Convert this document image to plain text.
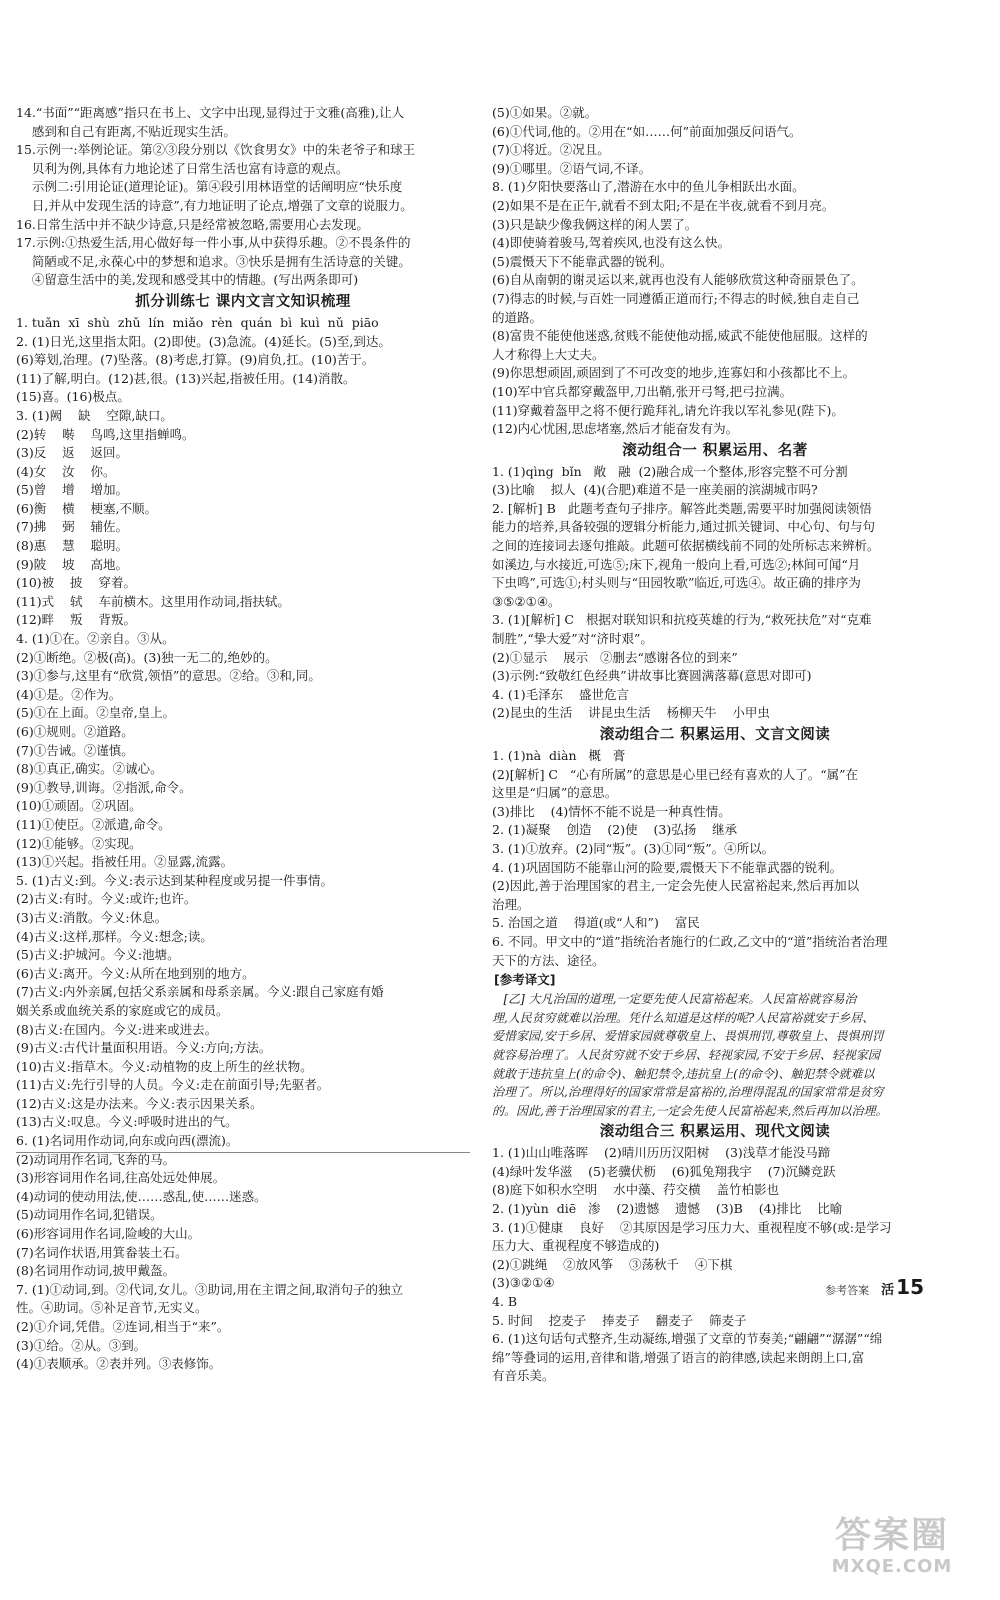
14.“书面”“距离感”指只在书上、文字中出现,显得过于文雅(高雅),让人
感到和自己有距离,不贴近现实生活。
15.示例一:举例论证。第②③段分别以《饮食男女》中的朱老爷子和球王
贝利为例,具体有力地论述了日常生活也富有诗意的观点。
示例二:引用论证(道理论证)。第④段引用林语堂的话阐明应“快乐度
日,并从中发现生活的诗意”,有力地证明了论点,增强了文章的说服力。
16.日常生活中并不缺少诗意,只是经常被忽略,需要用心去发现。
17.示例:①热爱生活,用心做好每一件小事,从中获得乐趣。②不畏条件的
简陋或不足,永葆心中的梦想和追求。③快乐是拥有生活诗意的关键。
④留意生活中的美,发现和感受其中的情趣。(写出两条即可)
抓分训练七 课内文言文知识梳理
1. tuǎn  xī  shù  zhǔ  lín  miǎo  rèn  quán  bì  kuì  nǔ  piāo
2. (1)日光,这里指太阳。(2)即使。(3)急流。(4)延长。(5)至,到达。
(6)筹划,治理。(7)坠落。(8)考虑,打算。(9)肩负,扛。(10)苦于。
(11)了解,明白。(12)甚,很。(13)兴起,指被任用。(14)消散。
(15)喜。(16)极点。
3. (1)阙    缺    空隙,缺口。
(2)转    啭    鸟鸣,这里指蝉鸣。
(3)反    返    返回。
(4)女    汝    你。
(5)曾    增    增加。
(6)衡    横    梗塞,不顺。
(7)拂    弼    辅佐。
(8)惠    慧    聪明。
(9)陂    坡    高地。
(10)被    披    穿着。
(11)式    轼    车前横木。这里用作动词,指扶轼。
(12)畔    叛    背叛。
4. (1)①在。②亲自。③从。
(2)①断绝。②极(高)。(3)独一无二的,绝妙的。
(3)①参与,这里有“欣赏,领悟”的意思。②给。③和,同。
(4)①是。②作为。
(5)①在上面。②皇帝,皇上。
(6)①规则。②道路。
(7)①告诫。②谨慎。
(8)①真正,确实。②诚心。
(9)①教导,训诲。②指派,命令。
(10)①顽固。②巩固。
(11)①使臣。②派遣,命令。
(12)①能够。②实现。
(13)①兴起。指被任用。②显露,流露。
5. (1)古义:到。今义:表示达到某种程度或另提一件事情。
(2)古义:有时。今义:或许;也许。
(3)古义:消散。今义:休息。
(4)古义:这样,那样。今义:想念;读。
(5)古义:护城河。今义:池塘。
(6)古义:离开。今义:从所在地到别的地方。
(7)古义:内外亲属,包括父系亲属和母系亲属。今义:跟自己家庭有婚
姻关系或血统关系的家庭或它的成员。
(8)古义:在国内。今义:进来或进去。
(9)古义:古代计量面积用语。今义:方向;方法。
(10)古义:指草木。今义:动植物的皮上所生的丝状物。
(11)古义:先行引导的人员。今义:走在前面引导;先驱者。
(12)古义:这是办法来。今义:表示因果关系。
(13)古义:叹息。今义:呼吸时进出的气。
6. (1)名词用作动词,向东或向西(漂流)。
(2)动词用作名词,飞奔的马。
(3)形容词用作名词,往高处远处伸展。
(4)动词的使动用法,使……惑乱,使……迷惑。
(5)动词用作名词,犯错误。
(6)形容词用作名词,险峻的大山。
(7)名词作状语,用箕畚装土石。
(8)名词用作动词,披甲戴盔。
7. (1)①动词,到。②代词,女儿。③助词,用在主谓之间,取消句子的独立
性。④助词。⑤补足音节,无实义。
(2)①介词,凭借。②连词,相当于“来”。
(3)①给。②从。③到。
(4)①表顺承。②表并列。③表修饰。
(5)①如果。②就。
(6)①代词,他的。②用在“如……何”前面加强反问语气。
(7)①将近。②况且。
(9)①哪里。②语气词,不译。
8. (1)夕阳快要落山了,潜游在水中的鱼儿争相跃出水面。
(2)如果不是在正午,就看不到太阳;不是在半夜,就看不到月亮。
(3)只是缺少像我俩这样的闲人罢了。
(4)即使骑着骏马,驾着疾风,也没有这么快。
(5)震慑天下不能靠武器的锐利。
(6)自从南朝的谢灵运以来,就再也没有人能够欣赏这种奇丽景色了。
(7)得志的时候,与百姓一同遵循正道而行;不得志的时候,独自走自己
的道路。
(8)富贵不能使他迷惑,贫贱不能使他动摇,威武不能使他屈服。这样的
人才称得上大丈夫。
(9)你思想顽固,顽固到了不可改变的地步,连寡妇和小孩都比不上。
(10)军中官兵都穿戴盔甲,刀出鞘,张开弓弩,把弓拉满。
(11)穿戴着盔甲之将不便行跪拜礼,请允许我以军礼参见(陛下)。
(12)内心忧困,思虑堵塞,然后才能奋发有为。
滚动组合一 积累运用、名著
1. (1)qìng  bǐn   敞   融  (2)融合成一个整体,形容完整不可分割
(3)比喻    拟人  (4)(合肥)难道不是一座美丽的滨湖城市吗?
2. [解析] B   此题考查句子排序。解答此类题,需要平时加强阅读领悟
能力的培养,具备较强的逻辑分析能力,通过抓关键词、中心句、句与句
之间的连接词去逐句推敲。此题可依据横线前不同的处所标志来辨析。
如溪边,与水接近,可选⑤;床下,视角一般向上看,可选②;林间可闻“月
下虫鸣”,可选①;村头则与“田园牧歌”临近,可选④。故正确的排序为
③⑤②①④。
3. (1)[解析] C   根据对联知识和抗疫英雄的行为,“救死扶危”对“克难
制胜”,“挚大爱”对“济时艰”。
(2)①显示    展示   ②删去“感谢各位的到来”
(3)示例:“致敬红色经典”讲故事比赛圆满落幕(意思对即可)
4. (1)毛泽东    盛世危言
(2)昆虫的生活    讲昆虫生活    杨柳天牛    小甲虫
滚动组合二 积累运用、文言文阅读
1. (1)nà  diàn   概   膏
(2)[解析] C   “心有所属”的意思是心里已经有喜欢的人了。“属”在
这里是“归属”的意思。
(3)排比    (4)情怀不能不说是一种真性情。
2. (1)凝聚    创造    (2)使    (3)弘扬    继承
3. (1)①放弃。(2)同“叛”。(3)①同“叛”。④所以。
4. (1)巩固国防不能靠山河的险要,震慑天下不能靠武器的锐利。
(2)因此,善于治理国家的君主,一定会先使人民富裕起来,然后再加以
治理。
5. 治国之道    得道(或“人和”)    富民
6. 不同。甲文中的“道”指统治者施行的仁政,乙文中的“道”指统治者治理
天下的方法、途径。
[参考译文]
[乙] 大凡治国的道理,一定要先使人民富裕起来。人民富裕就容易治
理,人民贫穷就难以治理。凭什么知道是这样的呢?人民富裕就安于乡居、
爱惜家园,安于乡居、爱惜家园就尊敬皇上、畏惧刑罚,尊敬皇上、畏惧刑罚
就容易治理了。人民贫穷就不安于乡居、轻视家园,不安于乡居、轻视家园
就敢于违抗皇上(的命令)、触犯禁令,违抗皇上(的命令)、触犯禁令就难以
治理了。所以,治理得好的国家常常是富裕的,治理得混乱的国家常常是贫穷
的。因此,善于治理国家的君主,一定会先使人民富裕起来,然后再加以治理。
滚动组合三 积累运用、现代文阅读
1. (1)山山唯落晖    (2)晴川历历汉阳树    (3)浅草才能没马蹄
(4)绿叶发华滋    (5)老骥伏枥    (6)狐兔翔我宇    (7)沉鳞竞跃
(8)庭下如积水空明    水中藻、荇交横    盖竹柏影也
2. (1)yùn  diē   渗    (2)遗憾    遗憾    (3)B    (4)排比    比喻
3. (1)①健康    良好    ②其原因是学习压力大、重视程度不够(或:是学习
压力大、重视程度不够造成的)
(2)①跳绳    ②放风筝    ③荡秋千    ④下棋
(3)③②①④
4. B
5. 时间    挖麦子    捧麦子    翻麦子    筛麦子
6. (1)这句话句式整齐,生动凝练,增强了文章的节奏美;“翩翩”“潺潺”“绵
绵”等叠词的运用,音律和谐,增强了语言的韵律感,读起来朗朗上口,富
有音乐美。
参考答案 活 15
答案圈
MXQE.COM
